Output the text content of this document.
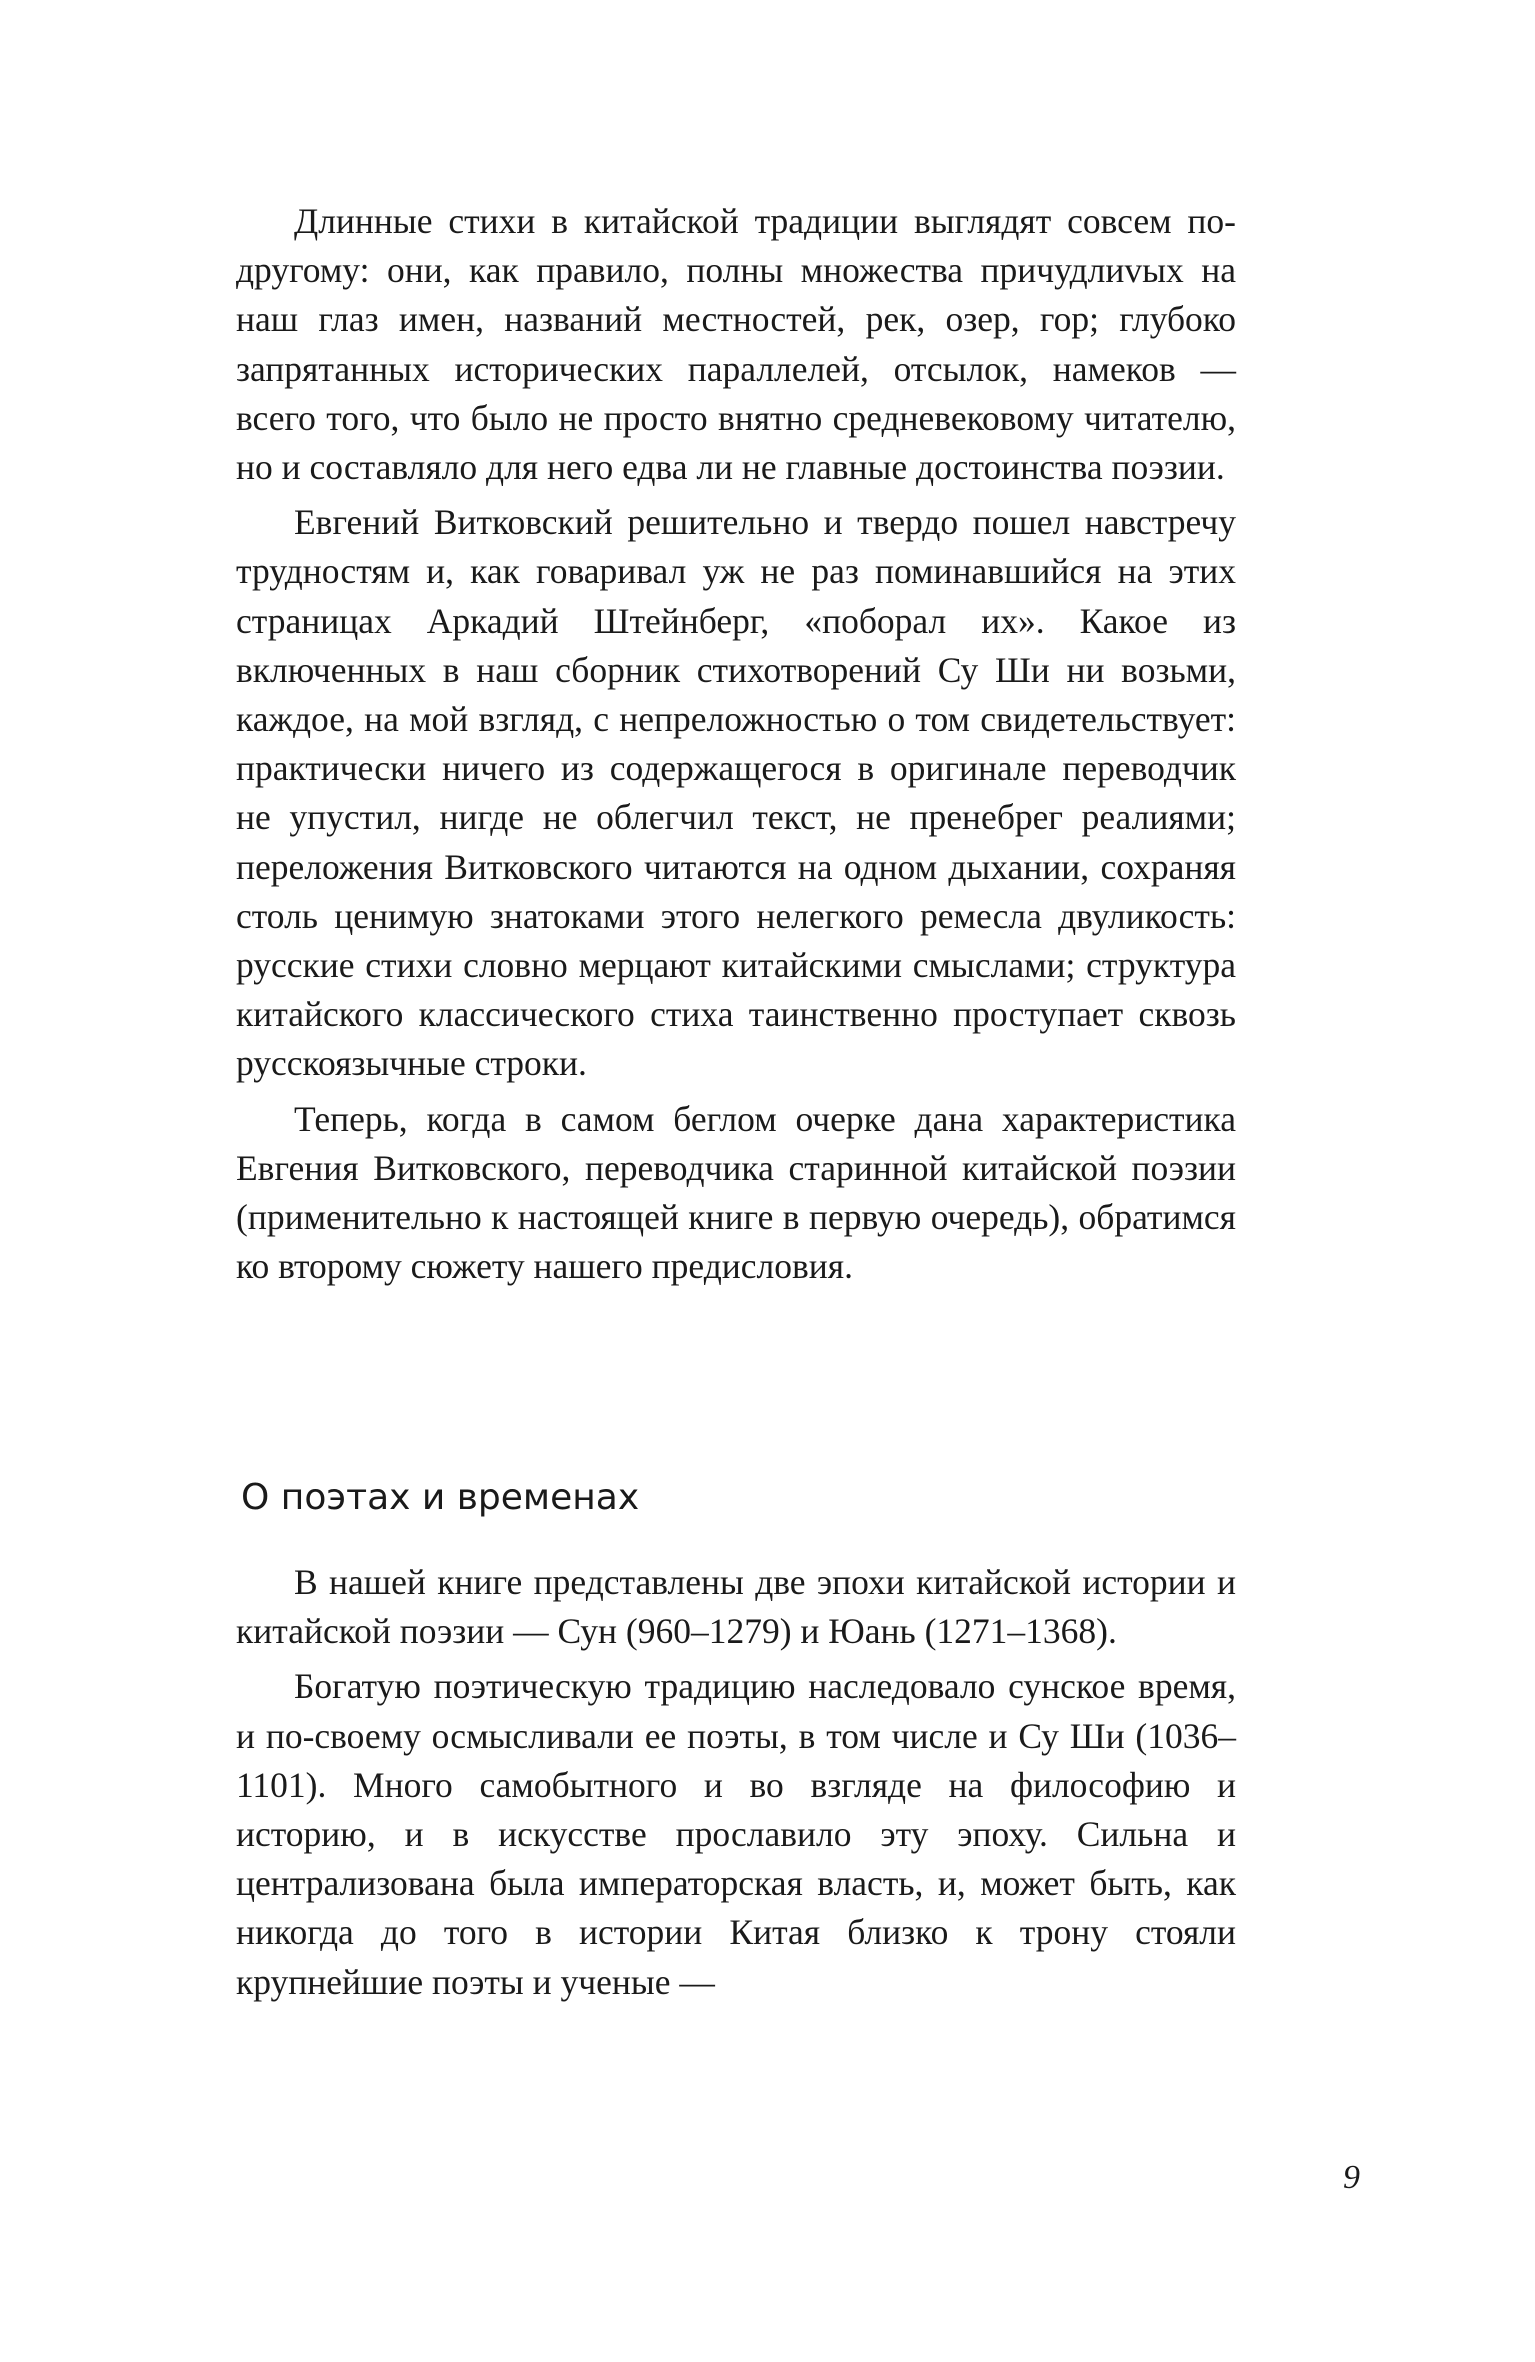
Длинные стихи в китайской традиции выглядят совсем по-другому: они, как правило, полны множества причудлиvых на наш глаз имен, названий местностей, рек, озер, гор; глубоко запрятанных исторических параллелей, отсылок, намеков — всего того, что было не просто внятно средневековому читателю, но и составляло для него едва ли не главные достоинства поэзии.

Евгений Витковский решительно и твердо пошел навстречу трудностям и, как говаривал уж не раз поминавшийся на этих страницах Аркадий Штейнберг, «поборал их». Какое из включенных в наш сборник стихотворений Су Ши ни возьми, каждое, на мой взгляд, с непреложностью о том свидетельствует: практически ничего из содержащегося в оригинале переводчик не упустил, нигде не облегчил текст, не пренебрег реалиями; переложения Витковского читаются на одном дыхании, сохраняя столь ценимую знатоками этого нелегкого ремесла двуликость: русские стихи словно мерцают китайскими смыслами; структура китайского классического стиха таинственно проступает сквозь русскоязычные строки.

Теперь, когда в самом беглом очерке дана характеристика Евгения Витковского, переводчика старинной китайской поэзии (применительно к настоящей книге в первую очередь), обратимся ко второму сюжету нашего предисловия.

О поэтах и временах

В нашей книге представлены две эпохи китайской истории и китайской поэзии — Сун (960–1279) и Юань (1271–1368).

Богатую поэтическую традицию наследовало сунское время, и по-своему осмысливали ее поэты, в том числе и Су Ши (1036–1101). Много самобытного и во взгляде на философию и историю, и в искусстве прославило эту эпоху. Сильна и централизована была императорская власть, и, может быть, как никогда до того в истории Китая близко к трону стояли крупнейшие поэты и ученые —

9
